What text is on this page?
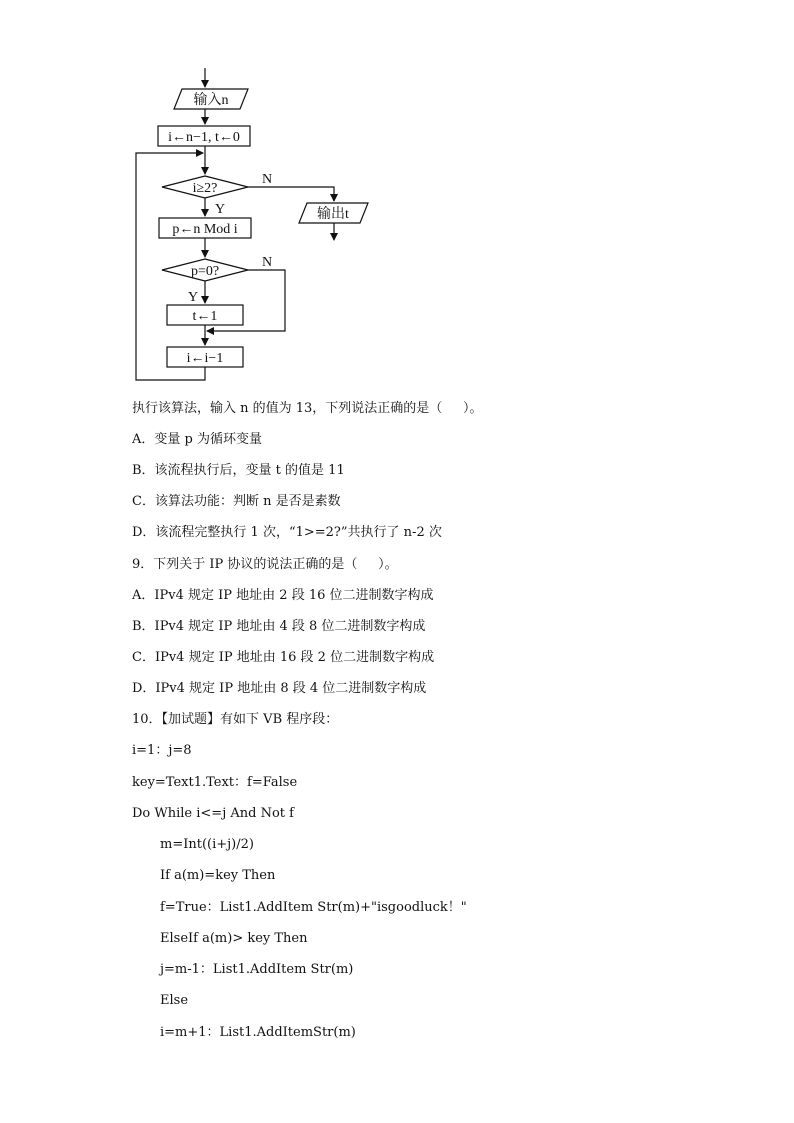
输入n
i←n−1, t←0
i≥2?
N
Y	输出t
p←n Mod i
p=0?
N
Y
t←1
i←i−1
执行该算法，输入 n 的值为 13，下列说法正确的是（     ）。
A．变量 p 为循环变量
B．该流程执行后，变量 t 的值是 11
C．该算法功能：判断 n 是否是素数
D．该流程完整执行 1 次，“1>=2?”共执行了 n-2 次
9．下列关于 IP 协议的说法正确的是（     ）。
A．IPv4 规定 IP 地址由 2 段 16 位二进制数字构成
B．IPv4 规定 IP 地址由 4 段 8 位二进制数字构成
C．IPv4 规定 IP 地址由 16 段 2 位二进制数字构成
D．IPv4 规定 IP 地址由 8 段 4 位二进制数字构成
10．【加试题】有如下 VB 程序段：
i=1：j=8
key=Text1.Text：f=False
Do While i<=j And Not f
m=Int((i+j)/2)
If a(m)=key Then
f=True：List1.AddItem Str(m)+"isgoodluck！"
ElseIf a(m)> key Then
j=m-1：List1.AddItem Str(m)
Else
i=m+1：List1.AddItemStr(m)
